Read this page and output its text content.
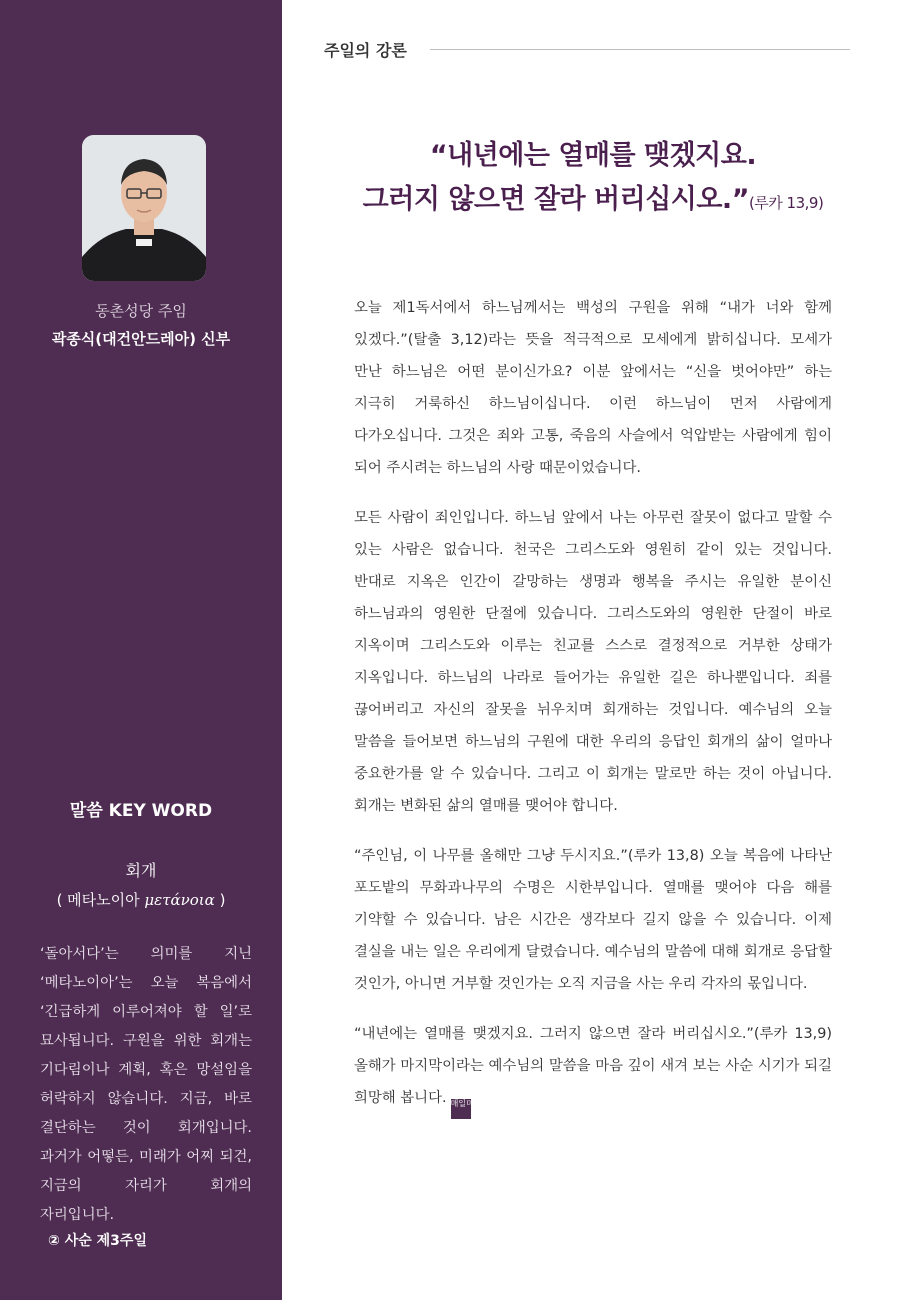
동촌성당 주임
곽종식(대건안드레아) 신부
말씀 KEY WORD
회개
( 메타노이아 μετάνοια )

‘돌아서다’는 의미를 지닌 ‘메타노이아’는 오늘 복음에서 ‘긴급하게 이루어져야 할 일’로 묘사됩니다. 구원을 위한 회개는 기다림이나 계획, 혹은 망설임을 허락하지 않습니다. 지금, 바로 결단하는 것이 회개입니다. 과거가 어떻든, 미래가 어찌 되건, 지금의 자리가 회개의 자리입니다.

② 사순 제3주일
주일의 강론
“내년에는 열매를 맺겠지요.
그러지 않으면 잘라 버리십시오.”(루카 13,9)

오늘 제1독서에서 하느님께서는 백성의 구원을 위해 “내가 너와 함께 있겠다.”(탈출 3,12)라는 뜻을 적극적으로 모세에게 밝히십니다. 모세가 만난 하느님은 어떤 분이신가요? 이분 앞에서는 “신을 벗어야만” 하는 지극히 거룩하신 하느님이십니다. 이런 하느님이 먼저 사람에게 다가오십니다. 그것은 죄와 고통, 죽음의 사슬에서 억압받는 사람에게 힘이 되어 주시려는 하느님의 사랑 때문이었습니다.

모든 사람이 죄인입니다. 하느님 앞에서 나는 아무런 잘못이 없다고 말할 수 있는 사람은 없습니다. 천국은 그리스도와 영원히 같이 있는 것입니다. 반대로 지옥은 인간이 갈망하는 생명과 행복을 주시는 유일한 분이신 하느님과의 영원한 단절에 있습니다. 그리스도와의 영원한 단절이 바로 지옥이며 그리스도와 이루는 친교를 스스로 결정적으로 거부한 상태가 지옥입니다. 하느님의 나라로 들어가는 유일한 길은 하나뿐입니다. 죄를 끊어버리고 자신의 잘못을 뉘우치며 회개하는 것입니다. 예수님의 오늘 말씀을 들어보면 하느님의 구원에 대한 우리의 응답인 회개의 삶이 얼마나 중요한가를 알 수 있습니다. 그리고 이 회개는 말로만 하는 것이 아닙니다. 회개는 변화된 삶의 열매를 맺어야 합니다.

“주인님, 이 나무를 올해만 그냥 두시지요.”(루카 13,8) 오늘 복음에 나타난 포도밭의 무화과나무의 수명은 시한부입니다. 열매를 맺어야 다음 해를 기약할 수 있습니다. 남은 시간은 생각보다 길지 않을 수 있습니다. 이제 결실을 내는 일은 우리에게 달렸습니다. 예수님의 말씀에 대해 회개로 응답할 것인가, 아니면 거부할 것인가는 오직 지금을 사는 우리 각자의 몫입니다.

“내년에는 열매를 맺겠지요. 그러지 않으면 잘라 버리십시오.”(루카 13,9) 올해가 마지막이라는 예수님의 말씀을 마음 깊이 새겨 보는 사순 시기가 되길 희망해 봅니다. 매일미사
